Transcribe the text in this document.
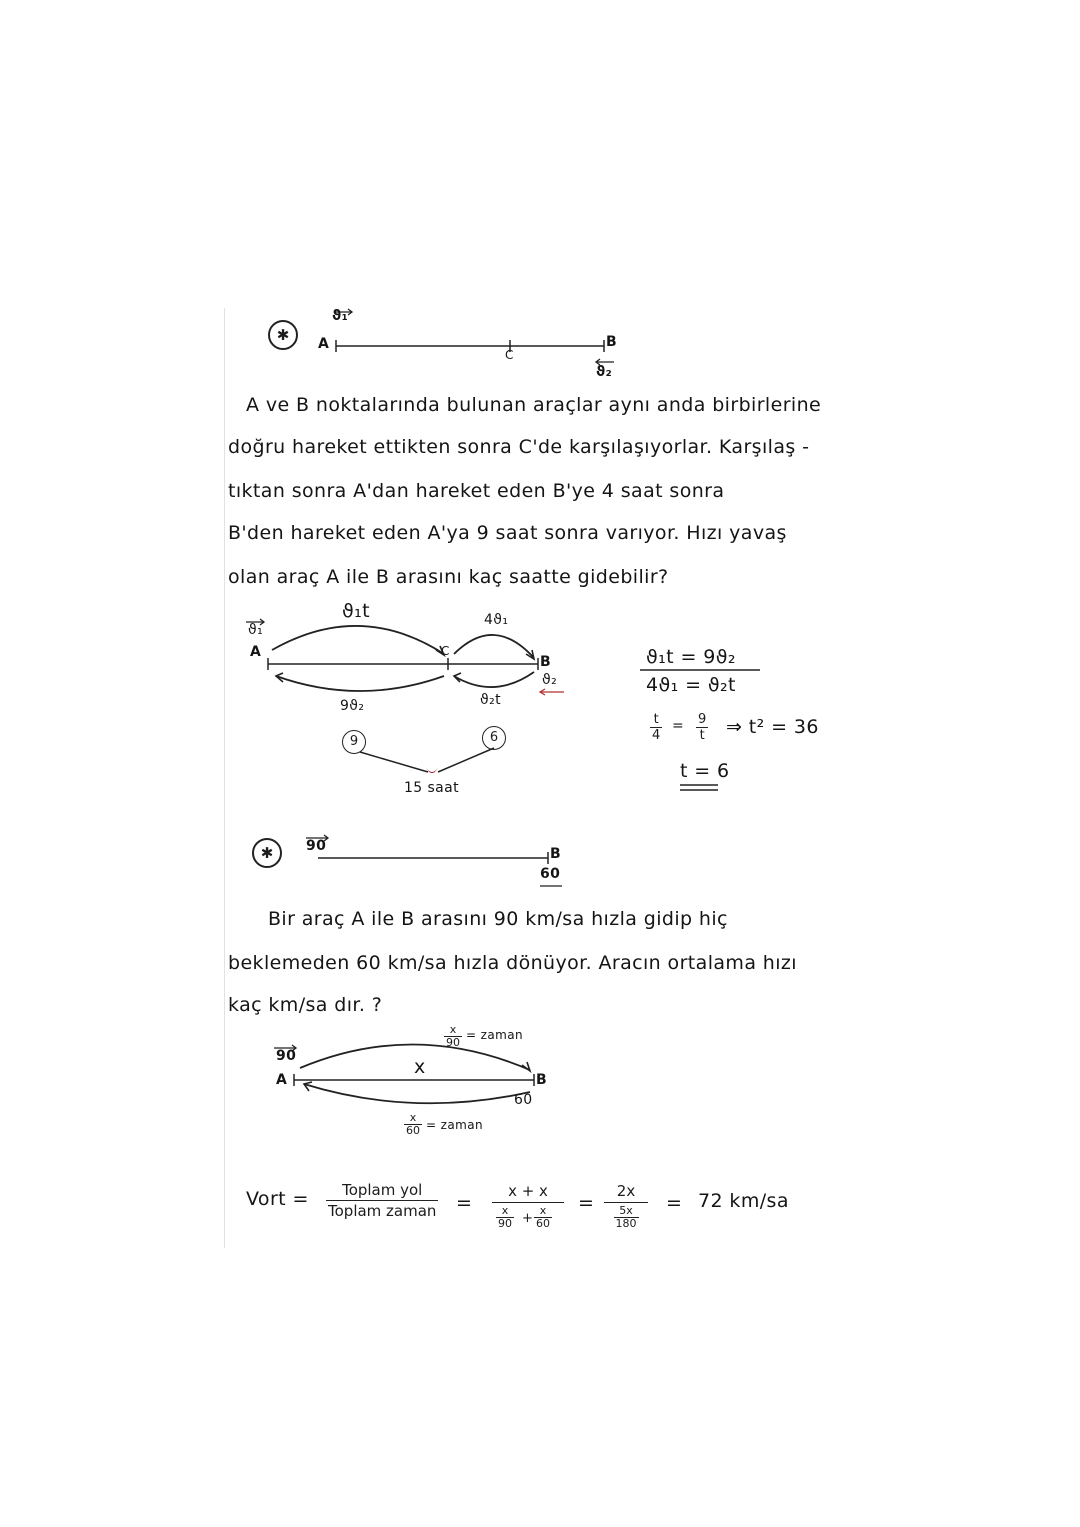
✱
ϑ₁
A
C
B
ϑ₂
A ve B noktalarında bulunan araçlar aynı anda birbirlerine
doğru hareket ettikten sonra C'de karşılaşıyorlar. Karşılaş -
tıktan sonra A'dan hareket eden B'ye 4 saat sonra
B'den hareket eden A'ya 9 saat sonra varıyor. Hızı yavaş
olan araç A ile B arasını kaç saatte gidebilir?
ϑ₁
A	C
B
ϑ₂
ϑ₁t	4ϑ₁
9ϑ₂	ϑ₂t
9	6
15 saat
ϑ₁t = 9ϑ₂
4ϑ₁ = ϑ₂t
$\frac{t}{4} = \frac{9}{t}$ ⇒ t² = 36
t = 6
✱	90	B
60
Bir araç A ile B arasını 90 km/sa hızla gidip hiç
beklemeden 60 km/sa hızla dönüyor. Aracın ortalama hızı
kaç km/sa dır. ?
90
A	B
60
x
$\frac{x}{90}$ = zaman
$\frac{x}{60}$ = zaman
Vort =	Toplam yol
Toplam zaman =
x + x
$\frac{x}{90} + \frac{x}{60}$
=
2x
$\frac{5x}{180}$
= 72 km/sa
